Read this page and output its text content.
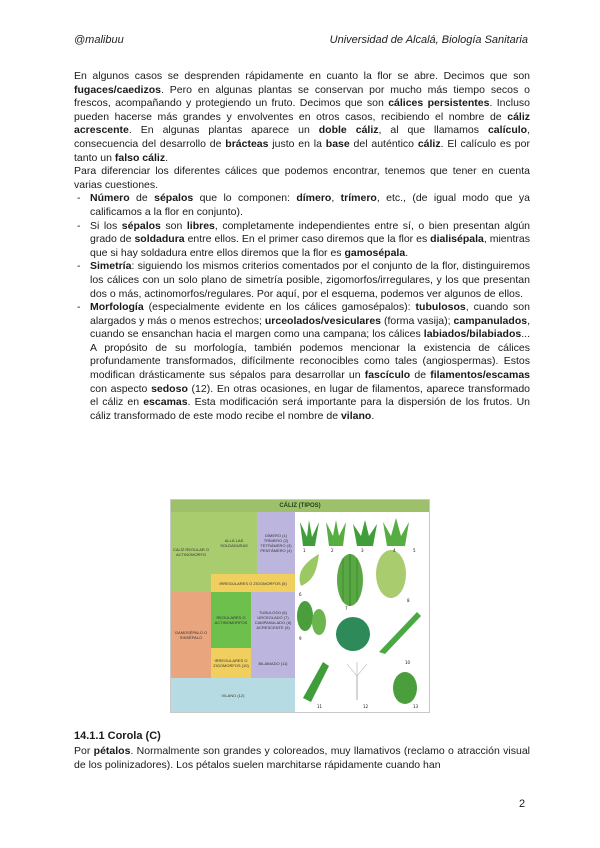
@malibuu	Universidad de Alcalá, Biología Sanitaria

En algunos casos se desprenden rápidamente en cuanto la flor se abre. Decimos que son fugaces/caedizos. Pero en algunas plantas se conservan por mucho más tiempo secos o frescos, acompañando y protegiendo un fruto. Decimos que son cálices persistentes. Incluso pueden hacerse más grandes y envolventes en otros casos, recibiendo el nombre de cáliz acrescente. En algunas plantas aparece un doble cáliz, al que llamamos calículo, consecuencia del desarrollo de brácteas justo en la base del auténtico cáliz. El calículo es por tanto un falso cáliz.

Para diferenciar los diferentes cálices que podemos encontrar, tenemos que tener en cuenta varias cuestiones.

- Número de sépalos que lo componen: dímero, trímero, etc., (de igual modo que ya calificamos a la flor en conjunto).
- Si los sépalos son libres, completamente independientes entre sí, o bien presentan algún grado de soldadura entre ellos. En el primer caso diremos que la flor es dialisépala, mientras que si hay soldadura entre ellos diremos que la flor es gamosépala.
- Simetría: siguiendo los mismos criterios comentados por el conjunto de la flor, distinguiremos los cálices con un solo plano de simetría posible, zigomorfos/irregulares, y los que presentan dos o más, actinomorfos/regulares. Por aquí, por el esquema, podemos ver algunos de ellos.
- Morfología (especialmente evidente en los cálices gamosépalos): tubulosos, cuando son alargados y más o menos estrechos; urceolados/vesiculares (forma vasija); campanulados, cuando se ensanchan hacia el margen como una campana; los cálices labiados/bilabiados... A propósito de su morfología, también podemos mencionar la existencia de cálices profundamente transformados, difícilmente reconocibles como tales (angiospermas). Estos modifican drásticamente sus sépalos para desarrollar un fascículo de filamentos/escamas con aspecto sedoso (12). En otras ocasiones, en lugar de filamentos, aparece transformado el cáliz en escamas. Esta modificación será importante para la dispersión de los frutos. Un cáliz transformado de este modo recibe el nombre de vilano.
CÁLIZ (TIPOS)
CALÍZ REGULAR O ACTINOMORFO
ALLÁ LAS SOLDADURAS
DÍMERO (1) TRÍMERO (2) TETRÁMERO (3) PENTÁMERO (4)
IRREGULARES O ZIGOMORFOS (5)
GAMOSÉPALO O SINSÉPALO
REGULARES O ACTINOMORFOS
TUBULOSO (6) URCEOLADO (7) CAMPANULADO (8) ACRESCENTE (9)
IRREGULARES O ZIGOMORFOS (10)	BILABIADO (11)
VILANO (12)
1	2	3	4	5
6
7
8
9
10
11	12	13
14.1.1 Corola (C)
Por pétalos. Normalmente son grandes y coloreados, muy llamativos (reclamo o atracción visual de los polinizadores). Los pétalos suelen marchitarse rápidamente cuando han
2
